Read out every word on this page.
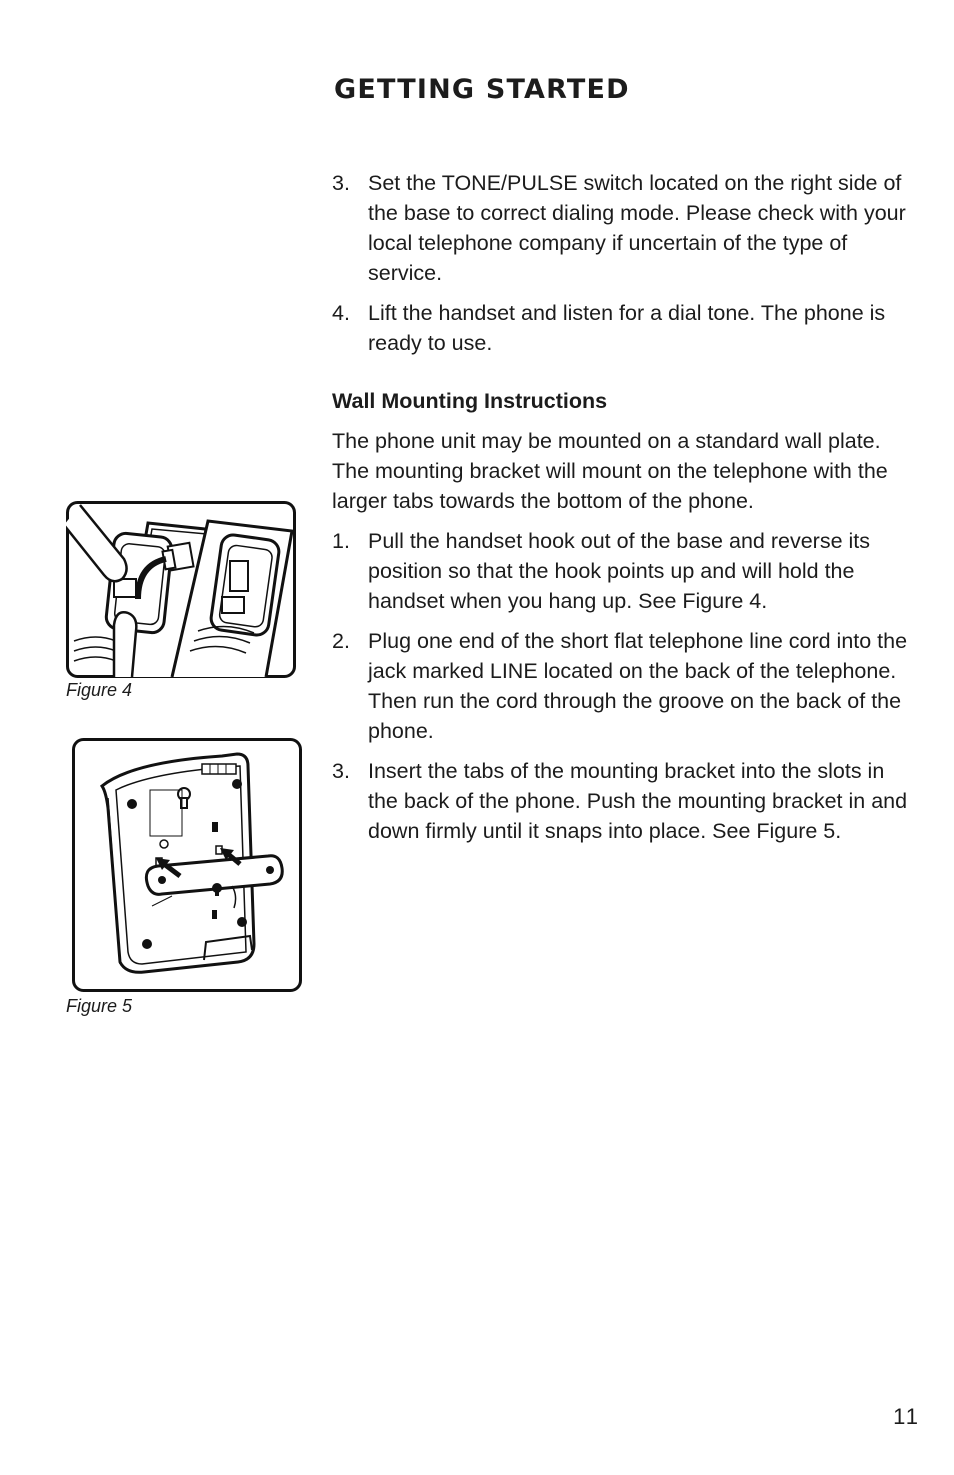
GETTING STARTED
Figure 4
Figure 5
3. Set the TONE/PULSE switch located on the right side of the base to correct dialing mode. Please check with your local telephone company if uncertain of the type of service.
4. Lift the handset and listen for a dial tone. The phone is ready to use.
Wall Mounting Instructions

The phone unit may be mounted on a standard wall plate. The mounting bracket will mount on the telephone with the larger tabs towards the bottom of the phone.

1. Pull the handset hook out of the base and reverse its position so that the hook points up and will hold the handset when you hang up. See Figure 4.
2. Plug one end of the short flat telephone line cord into the jack marked LINE located on the back of the telephone. Then run the cord through the groove on the back of the phone.
3. Insert the tabs of the mounting bracket into the slots in the back of the phone. Push the mounting bracket in and down firmly until it snaps into place. See Figure 5.
11
